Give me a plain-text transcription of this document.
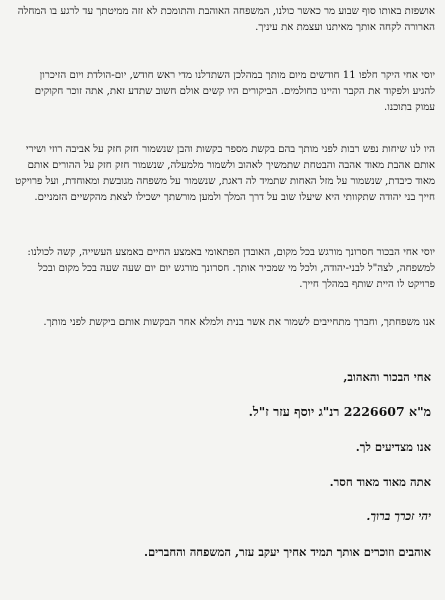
אושפזת באותו סוף שבוע מר כאשר כולנו, המשפחה האוהבת והתומכת לא זזה ממיטתך עד לרגע בו המחלה הארורה לקחה אותך מאיתנו ועצמת את עיניך.

יוסי אחי היקר חלפו 11 חודשים מיום מותך במהלכן השתדלנו מדי ראש חודש, יום-הולדת ויום הזיכרון להגיע ולפקוד את הקבר והיינו כחולמים. הביקורים היו קשים אולם חשוב שתדע זאת, אתה זוכר חקוקים עמוק בתוכנו.

היו לנו שיחות נפש רבות לפני מותך בהם בקשת מספר בקשות והבן שנשמור חזק חזק על אביבה רוזי ושירי אותם אהבת מאוד אהבה והבטחת שתמשיך לאהוב ולשמור מלמעלה, שנשמור חזק חזק על ההורים אותם מאוד כיבדת, שנשמור על מזל האחות שתמיד לה דאגת, שנשמור על משפחה מגובשת ומאוחדת, ועל פרויקט חייך בני יהודה שתקוותי היא שיעלו שוב על דרך המלך ולמען מורשתך ישכילו לצאת מהקשיים הזמניים.

יוסי אחי הבכור חסרונך מורגש בכל מקום, האובדן הפתאומי באמצע החיים באמצע העשייה, קשה לכולנו: למשפחה, לצה"ל לבני-יהודה, ולכל מי שמכיר אותך. חסרונך מורגש יום יום שעה שעה בכל מקום ובכל פרויקט לו היית שותף במהלך חייך.

אנו משפחתך, וחברך מתחייבים לשמור את אשר בנית ולמלא אחר הבקשות אותם ביקשת לפני מותך.

אחי הבכור והאהוב,

מ"א 2226607 רנ"ג יוסף עזר ז"ל.

אנו מצדיעים לך.

אתה מאוד מאוד חסר.

יהי זכרך ברוך.

אוהבים וזוכרים אותך תמיד אחיך יעקב עזר, המשפחה והחברים.
